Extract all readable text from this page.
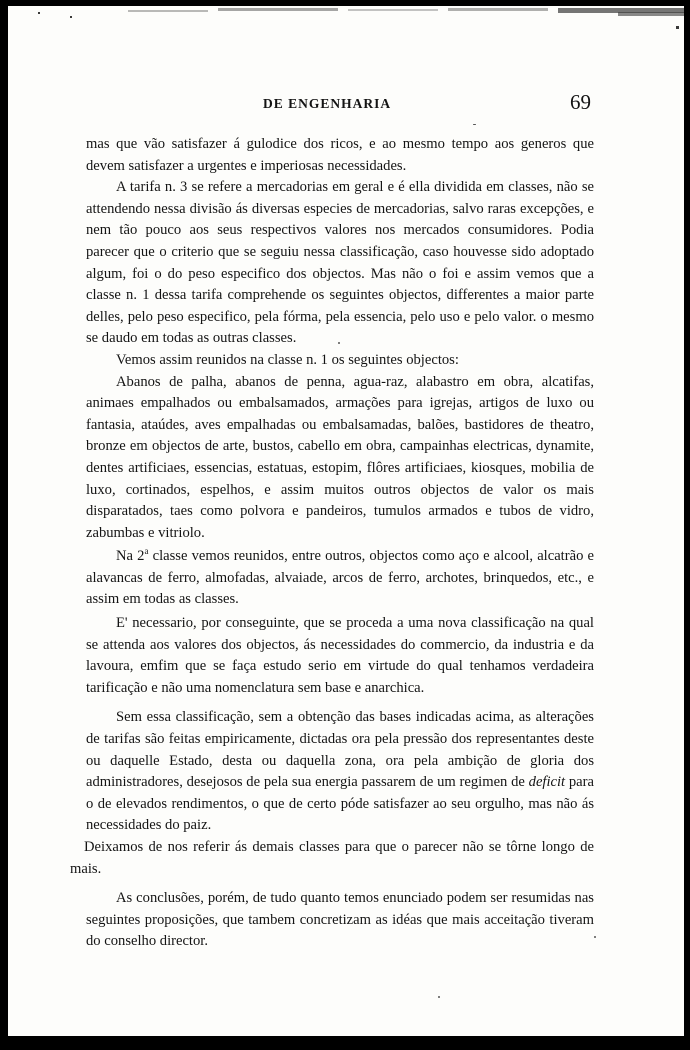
DE ENGENHARIA	69

mas que vão satisfazer á gulodice dos ricos, e ao mesmo tempo aos generos que devem satisfazer a urgentes e imperiosas necessidades.

A tarifa n. 3 se refere a mercadorias em geral e é ella dividida em classes, não se attendendo nessa divisão ás diversas especies de mercadorias, salvo raras excepções, e nem tão pouco aos seus respectivos valores nos mercados consumidores. Podia parecer que o criterio que se seguiu nessa classificação, caso houvesse sido adoptado algum, foi o do peso especifico dos objectos. Mas não o foi e assim vemos que a classe n. 1 dessa tarifa comprehende os seguintes objectos, differentes a maior parte delles, pelo peso especifico, pela fórma, pela essencia, pelo uso e pelo valor. o mesmo se daudo em todas as outras classes.

Vemos assim reunidos na classe n. 1 os seguintes objectos:

Abanos de palha, abanos de penna, agua-raz, alabastro em obra, alcatifas, animaes empalhados ou embalsamados, armações para igrejas, artigos de luxo ou fantasia, ataúdes, aves empalhadas ou embalsamadas, balões, bastidores de theatro, bronze em objectos de arte, bustos, cabello em obra, campainhas electricas, dynamite, dentes artificiaes, essencias, estatuas, estopim, flôres artificiaes, kiosques, mobilia de luxo, cortinados, espelhos, e assim muitos outros objectos de valor os mais disparatados, taes como polvora e pandeiros, tumulos armados e tubos de vidro, zabumbas e vitriolo.

Na 2$^a$ classe vemos reunidos, entre outros, objectos como aço e alcool, alcatrão e alavancas de ferro, almofadas, alvaiade, arcos de ferro, archotes, brinquedos, etc., e assim em todas as classes.

E' necessario, por conseguinte, que se proceda a uma nova classificação na qual se attenda aos valores dos objectos, ás necessidades do commercio, da industria e da lavoura, emfim que se faça estudo serio em virtude do qual tenhamos verdadeira tarificação e não uma nomenclatura sem base e anarchica.

Sem essa classificação, sem a obtenção das bases indicadas acima, as alterações de tarifas são feitas empiricamente, dictadas ora pela pressão dos representantes deste ou daquelle Estado, desta ou daquella zona, ora pela ambição de gloria dos administradores, desejosos de pela sua energia passarem de um regimen de deficit para o de elevados rendimentos, o que de certo póde satisfazer ao seu orgulho, mas não ás necessidades do paiz.

Deixamos de nos referir ás demais classes para que o parecer não se tôrne longo de mais.

As conclusões, porém, de tudo quanto temos enunciado podem ser resumidas nas seguintes proposições, que tambem concretizam as idéas que mais acceitação tiveram do conselho director.
